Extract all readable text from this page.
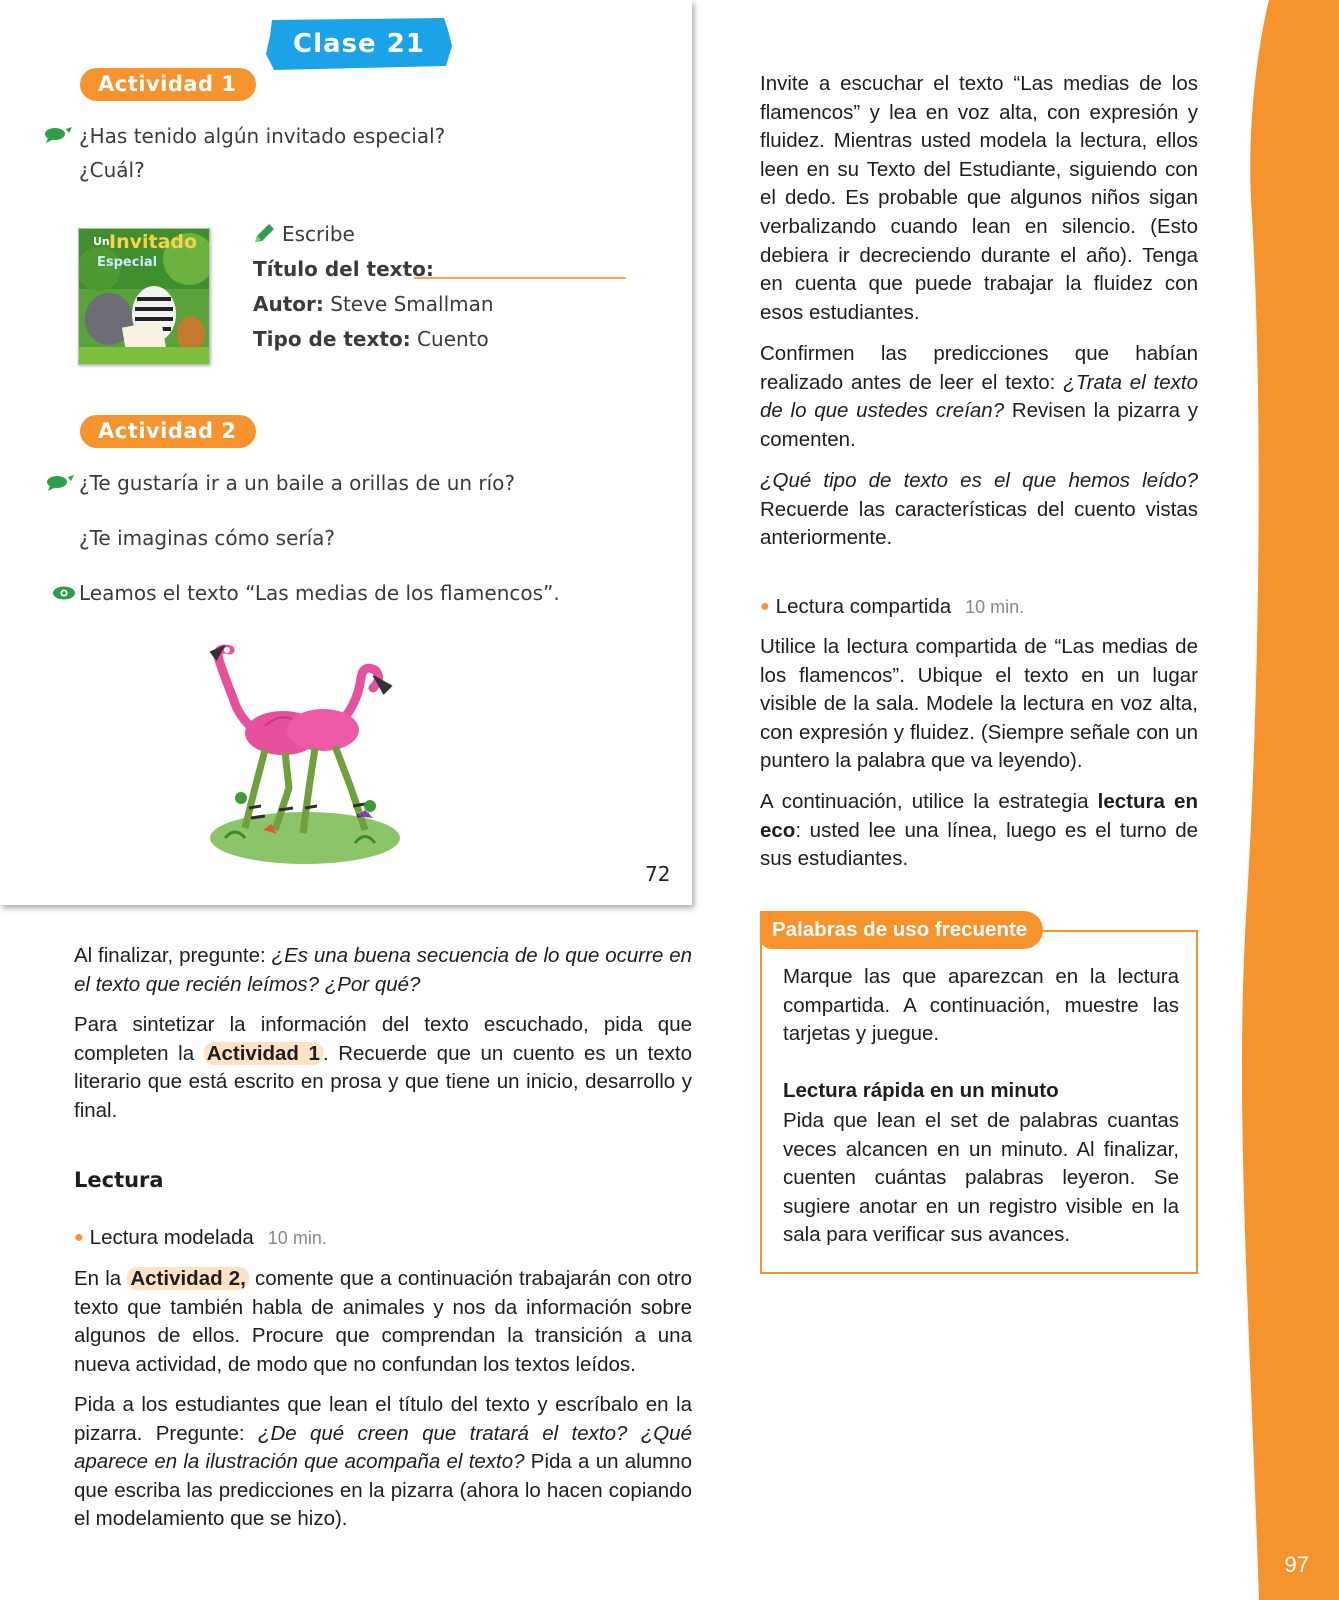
97
Clase 21
Actividad 1
¿Has tenido algún invitado especial?
¿Cuál?
Un Invitado
Especial
Escribe
Título del texto:
Autor: Steve Smallman
Tipo de texto: Cuento
Actividad 2
¿Te gustaría ir a un baile a orillas de un río?
¿Te imaginas cómo sería?
Leamos el texto “Las medias de los flamencos”.
72

Al finalizar, pregunte: ¿Es una buena secuencia de lo que ocurre en el texto que recién leímos? ¿Por qué?

Para sintetizar la información del texto escuchado, pida que completen la Actividad 1 . Recuerde que un cuento es un texto literario que está escrito en prosa y que tiene un inicio, desarrollo y final.

Lectura
● Lectura modelada 10 min.

En la Actividad 2, comente que a continuación trabajarán con otro texto que también habla de animales y nos da información sobre algunos de ellos. Procure que comprendan la transición a una nueva actividad, de modo que no confundan los textos leídos.

Pida a los estudiantes que lean el título del texto y escríbalo en la pizarra. Pregunte: ¿De qué creen que tratará el texto? ¿Qué aparece en la ilustración que acompaña el texto? Pida a un alumno que escriba las predicciones en la pizarra (ahora lo hacen copiando el modelamiento que se hizo).

Invite a escuchar el texto “Las medias de los flamencos” y lea en voz alta, con expresión y fluidez. Mientras usted modela la lectura, ellos leen en su Texto del Estudiante, siguiendo con el dedo. Es probable que algunos niños sigan verbalizando cuando lean en silencio. (Esto debiera ir decreciendo durante el año). Tenga en cuenta que puede trabajar la fluidez con esos estudiantes.

Confirmen las predicciones que habían realizado antes de leer el texto: ¿Trata el texto de lo que ustedes creían? Revisen la pizarra y comenten.

¿Qué tipo de texto es el que hemos leído? Recuerde las características del cuento vistas anteriormente.

● Lectura compartida 10 min.

Utilice la lectura compartida de “Las medias de los flamencos”. Ubique el texto en un lugar visible de la sala. Modele la lectura en voz alta, con expresión y fluidez. (Siempre señale con un puntero la palabra que va leyendo).

A continuación, utilice la estrategia lectura en eco: usted lee una línea, luego es el turno de sus estudiantes.

Palabras de uso frecuente

Marque las que aparezcan en la lectura compartida. A continuación, muestre las tarjetas y juegue.

Lectura rápida en un minuto

Pida que lean el set de palabras cuantas veces alcancen en un minuto. Al finalizar, cuenten cuántas palabras leyeron. Se sugiere anotar en un registro visible en la sala para verificar sus avances.
